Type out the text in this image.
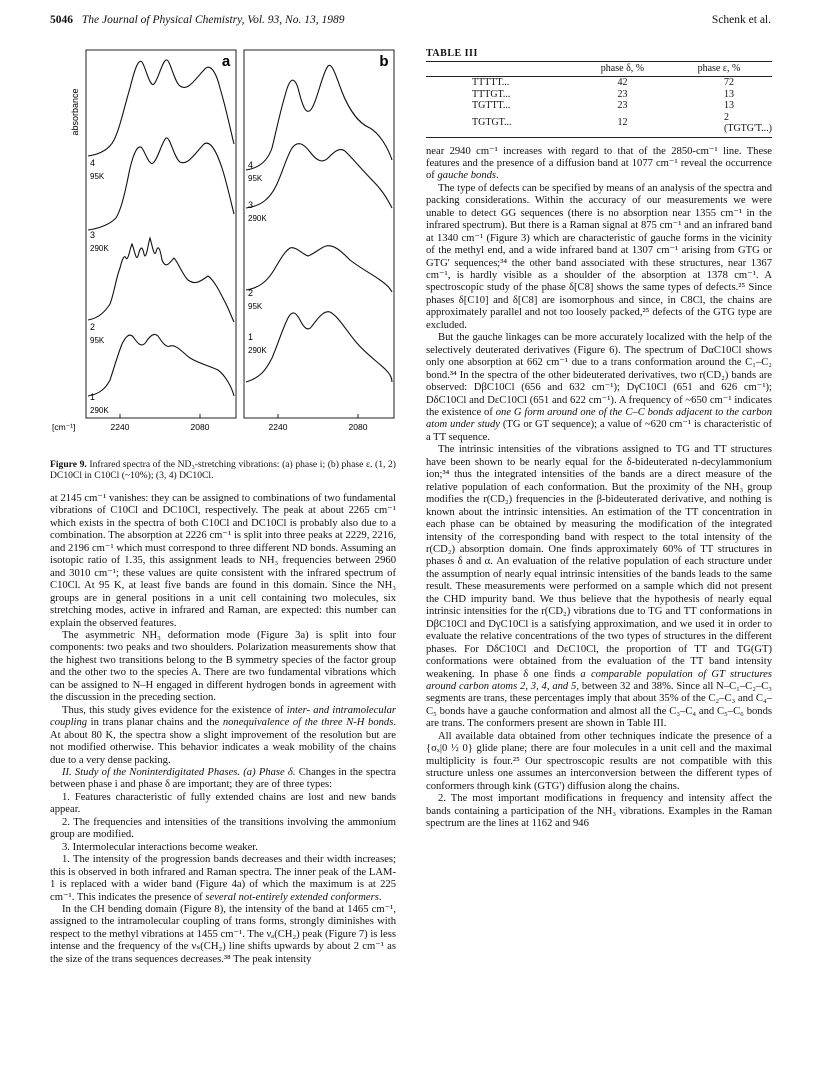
5046 The Journal of Physical Chemistry, Vol. 93, No. 13, 1989	Schenk et al.
a	b
absorbance
4
95K
3
290K
2
95K
1
290K
4
95K
3
290K
2
95K
1
290K
[cm⁻¹]	2240	2080	2240	2080

Figure 9. Infrared spectra of the ND₃-stretching vibrations: (a) phase i; (b) phase ε. (1, 2) DC10Cl in C10Cl (~10%); (3, 4) DC10Cl.

at 2145 cm⁻¹ vanishes: they can be assigned to combinations of two fundamental vibrations of C10Cl and DC10Cl, respectively. The peak at about 2265 cm⁻¹ which exists in the spectra of both C10Cl and DC10Cl is probably also due to a combination. The absorption at 2226 cm⁻¹ is split into three peaks at 2229, 2216, and 2196 cm⁻¹ which must correspond to three different ND bonds. Assuming an isotopic ratio of 1.35, this assignment leads to NH₃ frequencies between 2960 and 3010 cm⁻¹; these values are quite consistent with the infrared spectrum of C10Cl. At 95 K, at least five bands are found in this domain. Since the NH₃ groups are in general positions in a unit cell containing two molecules, six stretching modes, active in infrared and Raman, are expected: this number can explain the observed features.

The asymmetric NH₃ deformation mode (Figure 3a) is split into four components: two peaks and two shoulders. Polarization measurements show that the highest two transitions belong to the B symmetry species of the factor group and the other two to the species A. There are two fundamental vibrations which can be assigned to N–H engaged in different hydrogen bonds in agreement with the discussion in the preceding section.

Thus, this study gives evidence for the existence of inter- and intramolecular coupling in trans planar chains and the nonequivalence of the three N-H bonds. At about 80 K, the spectra show a slight improvement of the resolution but are not modified otherwise. This behavior indicates a weak mobility of the chains due to a very dense packing.

II. Study of the Noninterdigitated Phases. (a) Phase δ. Changes in the spectra between phase i and phase δ are important; they are of three types:

1. Features characteristic of fully extended chains are lost and new bands appear.

2. The frequencies and intensities of the transitions involving the ammonium group are modified.

3. Intermolecular interactions become weaker.

1. The intensity of the progression bands decreases and their width increases; this is observed in both infrared and Raman spectra. The inner peak of the LAM-1 is replaced with a wider band (Figure 4a) of which the maximum is at 225 cm⁻¹. This indicates the presence of several not-entirely extended conformers.

In the CH bending domain (Figure 8), the intensity of the band at 1465 cm⁻¹, assigned to the intramolecular coupling of trans forms, strongly diminishes with respect to the methyl vibrations at 1455 cm⁻¹. The νₐ(CH₂) peak (Figure 7) is less intense and the frequency of the νₛ(CH₂) line shifts upwards by about 2 cm⁻¹ as the size of the trans sequences decreases.³⁸ The peak intensity

TABLE III
	phase δ, %	phase ε, %
TTTTT...	42	72
TTTGT...	23	13
TGTTT...	23	13
TGTGT...	12	2 (TGTG'T...)

near 2940 cm⁻¹ increases with regard to that of the 2850-cm⁻¹ line. These features and the presence of a diffusion band at 1077 cm⁻¹ reveal the occurrence of gauche bonds.

The type of defects can be specified by means of an analysis of the spectra and packing considerations. Within the accuracy of our measurements we were unable to detect GG sequences (there is no absorption near 1355 cm⁻¹ in the infrared spectrum). But there is a Raman signal at 875 cm⁻¹ and an infrared band at 1340 cm⁻¹ (Figure 3) which are characteristic of gauche forms in the vicinity of the methyl end, and a wide infrared band at 1307 cm⁻¹ arising from GTG or GTG' sequences;³⁴ the other band associated with these structures, near 1367 cm⁻¹, is hardly visible as a shoulder of the absorption at 1378 cm⁻¹. A spectroscopic study of the phase δ[C8] shows the same types of defects.²⁵ Since phases δ[C10] and δ[C8] are isomorphous and since, in C8Cl, the chains are approximately parallel and not too loosely packed,²⁵ defects of the GTG type are excluded.

But the gauche linkages can be more accurately localized with the help of the selectively deuterated derivatives (Figure 6). The spectrum of DαC10Cl shows only one absorption at 662 cm⁻¹ due to a trans conformation around the C₁–C₂ bond.³⁴ In the spectra of the other bideuterated derivatives, two r(CD₂) bands are observed: DβC10Cl (656 and 632 cm⁻¹); DγC10Cl (651 and 626 cm⁻¹); DδC10Cl and DεC10Cl (651 and 622 cm⁻¹). A frequency of ~650 cm⁻¹ indicates the existence of one G form around one of the C–C bonds adjacent to the carbon atom under study (TG or GT sequence); a value of ~620 cm⁻¹ is characteristic of a TT sequence.

The intrinsic intensities of the vibrations assigned to TG and TT structures have been shown to be nearly equal for the δ-bideuterated n-decylammonium ion;³⁴ thus the integrated intensities of the bands are a direct measure of the relative population of each conformation. But the proximity of the NH₃ group modifies the r(CD₂) frequencies in the β-bideuterated derivative, and nothing is known about the intrinsic intensities. An estimation of the TT concentration in each phase can be obtained by measuring the modification of the integrated intensity of the corresponding band with respect to the total intensity of the r(CD₂) absorption domain. One finds approximately 60% of TT structures in phases δ and α. An evaluation of the relative population of each structure under the assumption of nearly equal intrinsic intensities of the bands leads to the same result. These measurements were performed on a sample which did not present the CHD impurity band. We thus believe that the hypothesis of nearly equal intrinsic intensities for the r(CD₂) vibrations due to TG and TT conformations in DβC10Cl and DγC10Cl is a satisfying approximation, and we used it in order to evaluate the relative concentrations of the two types of structures in the different phases. For DδC10Cl and DεC10Cl, the proportion of TT and TG(GT) conformations were obtained from the evaluation of the TT band intensity weakening. In phase δ one finds a comparable population of GT structures around carbon atoms 2, 3, 4, and 5, between 32 and 38%. Since all N–C₁–C₂–C₃ segments are trans, these percentages imply that about 35% of the C₂–C₃ and C₄–C₅ bonds have a gauche conformation and almost all the C₃–C₄ and C₅–C₆ bonds are trans. The conformers present are shown in Table III.

All available data obtained from other techniques indicate the presence of a {σₓ|0 ½ 0} glide plane; there are four molecules in a unit cell and the maximal multiplicity is four.²⁵ Our spectroscopic results are not compatible with this structure unless one assumes an interconversion between the different types of conformers through kink (GTG') diffusion along the chains.

2. The most important modifications in frequency and intensity affect the bands containing a participation of the NH₃ vibrations. Examples in the Raman spectrum are the lines at 1162 and 946
